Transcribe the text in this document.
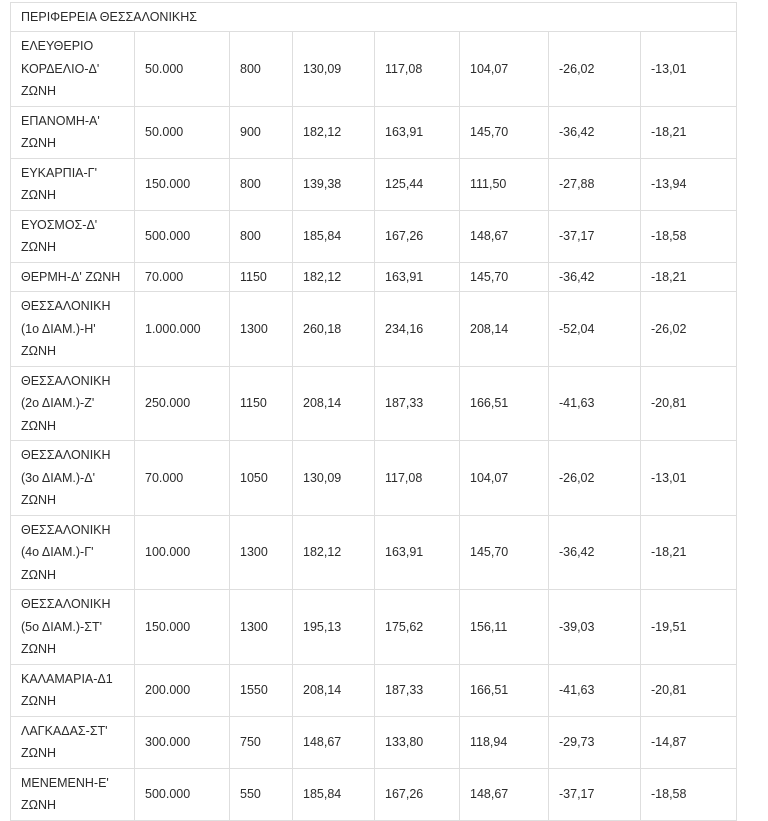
ΠΕΡΙΦΕΡΕΙΑ ΘΕΣΣΑΛΟΝΙΚΗΣ							
ΕΛΕΥΘΕΡΙΟ
ΚΟΡΔΕΛΙΟ-Δ'
ΖΩΝΗ	50.000	800	130,09	117,08	104,07	-26,02	-13,01
ΕΠΑΝΟΜΗ-Α'
ΖΩΝΗ	50.000	900	182,12	163,91	145,70	-36,42	-18,21
ΕΥΚΑΡΠΙΑ-Γ'
ΖΩΝΗ	150.000	800	139,38	125,44	111,50	-27,88	-13,94
ΕΥΟΣΜΟΣ-Δ'
ΖΩΝΗ	500.000	800	185,84	167,26	148,67	-37,17	-18,58
ΘΕΡΜΗ-Δ' ΖΩΝΗ	70.000	1150	182,12	163,91	145,70	-36,42	-18,21
ΘΕΣΣΑΛΟΝΙΚΗ
(1ο ΔΙΑΜ.)-Η'
ΖΩΝΗ	1.000.000	1300	260,18	234,16	208,14	-52,04	-26,02
ΘΕΣΣΑΛΟΝΙΚΗ
(2ο ΔΙΑΜ.)-Ζ'
ΖΩΝΗ	250.000	1150	208,14	187,33	166,51	-41,63	-20,81
ΘΕΣΣΑΛΟΝΙΚΗ
(3ο ΔΙΑΜ.)-Δ'
ΖΩΝΗ	70.000	1050	130,09	117,08	104,07	-26,02	-13,01
ΘΕΣΣΑΛΟΝΙΚΗ
(4ο ΔΙΑΜ.)-Γ'
ΖΩΝΗ	100.000	1300	182,12	163,91	145,70	-36,42	-18,21
ΘΕΣΣΑΛΟΝΙΚΗ
(5ο ΔΙΑΜ.)-ΣΤ'
ΖΩΝΗ	150.000	1300	195,13	175,62	156,11	-39,03	-19,51
ΚΑΛΑΜΑΡΙΑ-Δ1
ΖΩΝΗ	200.000	1550	208,14	187,33	166,51	-41,63	-20,81
ΛΑΓΚΑΔΑΣ-ΣΤ'
ΖΩΝΗ	300.000	750	148,67	133,80	118,94	-29,73	-14,87
ΜΕΝΕΜΕΝΗ-Ε'
ΖΩΝΗ	500.000	550	185,84	167,26	148,67	-37,17	-18,58
